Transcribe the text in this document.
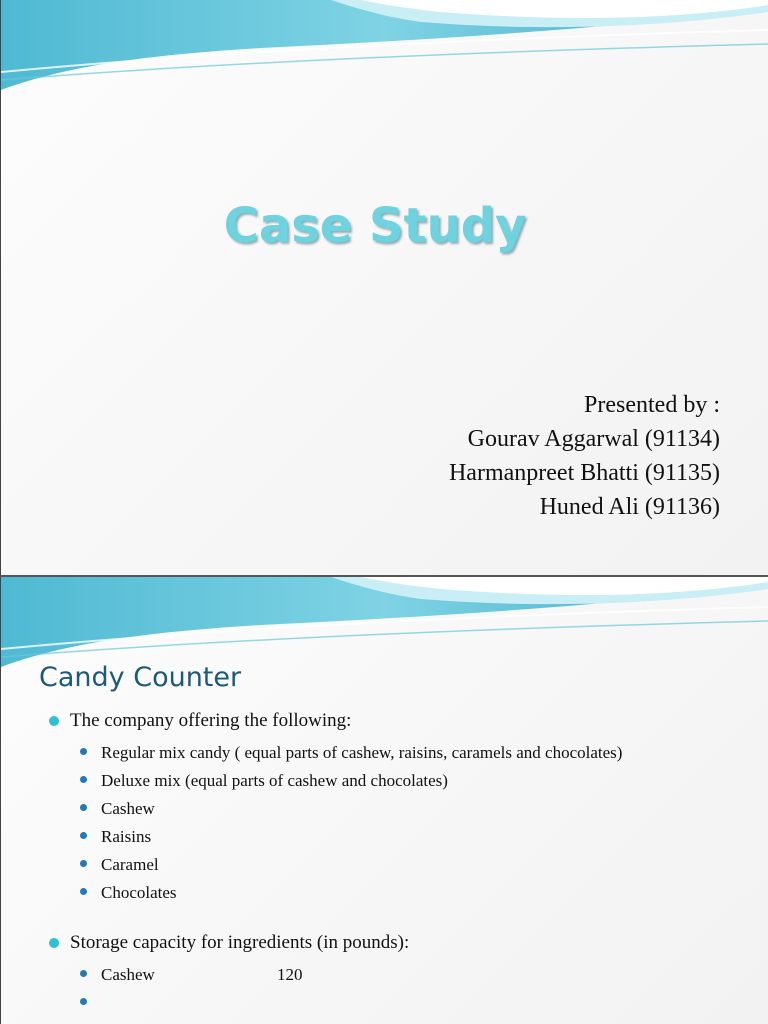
Case Study
Presented by :
Gourav Aggarwal (91134)
Harmanpreet Bhatti (91135)
Huned Ali (91136)
Candy Counter
The company offering the following:
Regular mix candy ( equal parts of cashew, raisins, caramels and chocolates)
Deluxe mix (equal parts of cashew and chocolates)
Cashew
Raisins
Caramel
Chocolates
Storage capacity for ingredients (in pounds):
Cashew	120
